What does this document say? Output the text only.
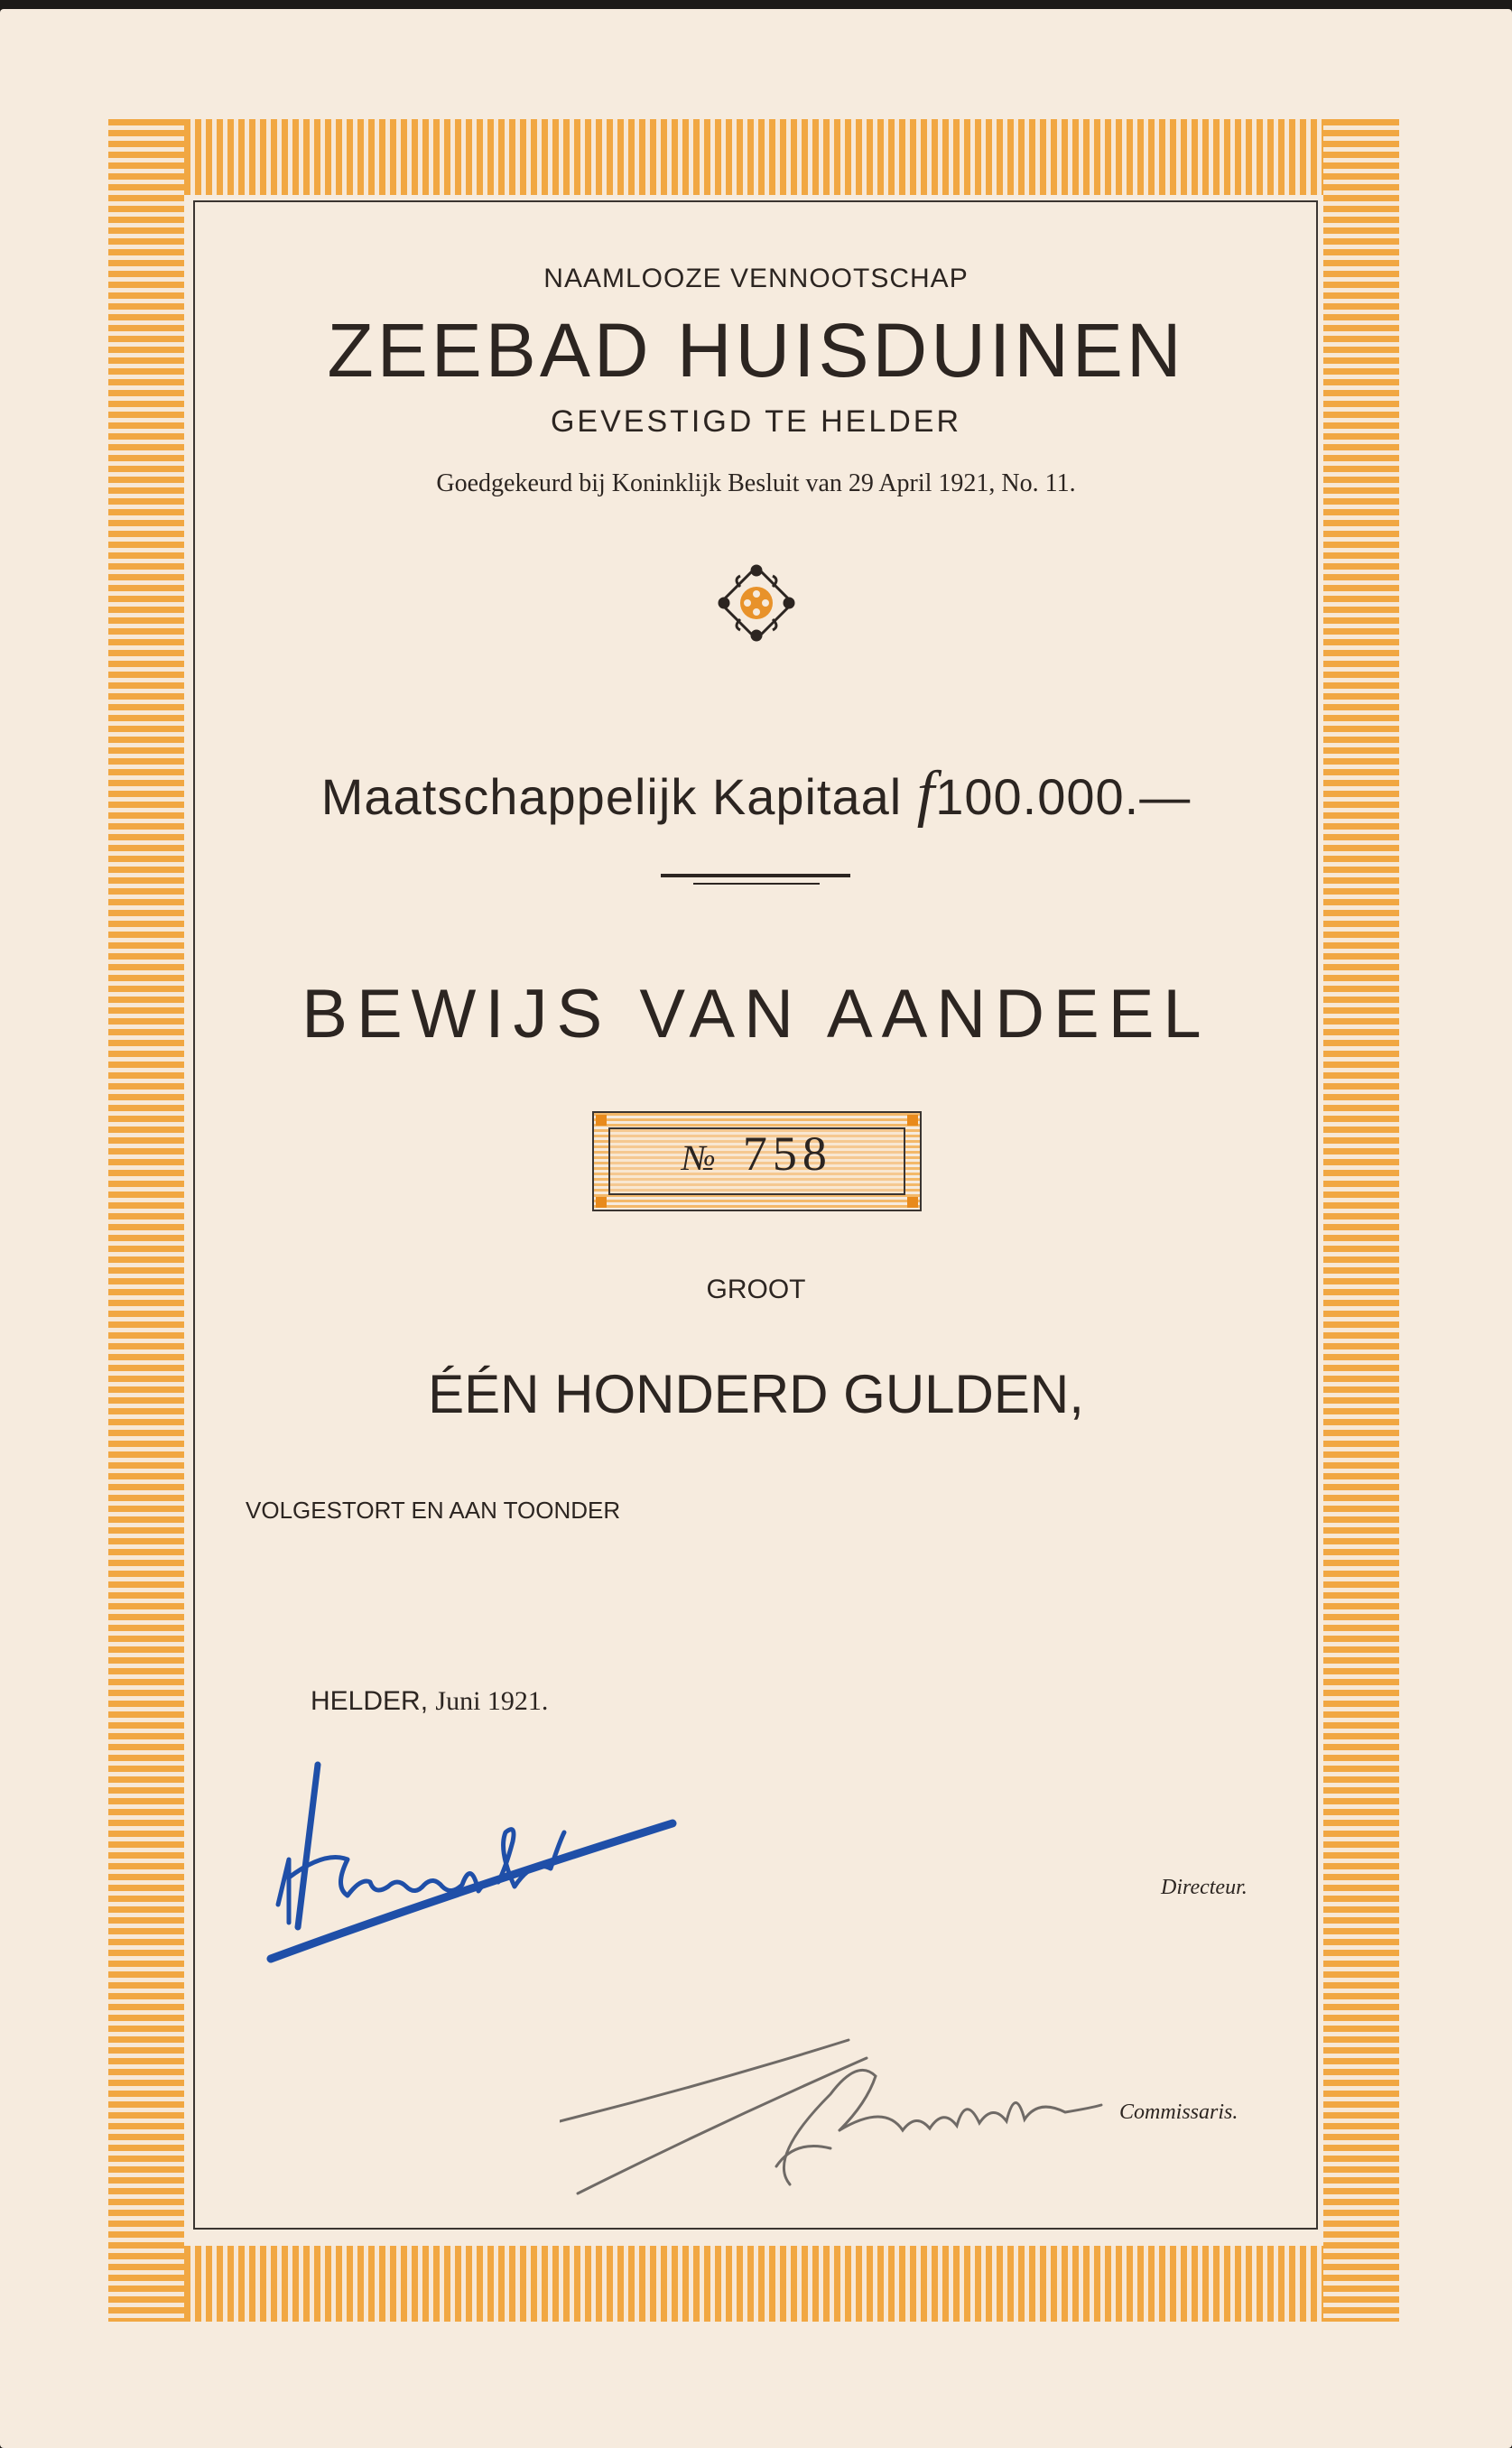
NAAMLOOZE VENNOOTSCHAP
ZEEBAD HUISDUINEN
GEVESTIGD TE HELDER
Goedgekeurd bij Koninklijk Besluit van 29 April 1921, No. 11.
Maatschappelijk Kapitaal f100.000.—
BEWIJS VAN AANDEEL
№ 758
GROOT
ÉÉN HONDERD GULDEN,
VOLGESTORT EN AAN TOONDER
HELDER, Juni 1921.
Directeur.
Commissaris.
